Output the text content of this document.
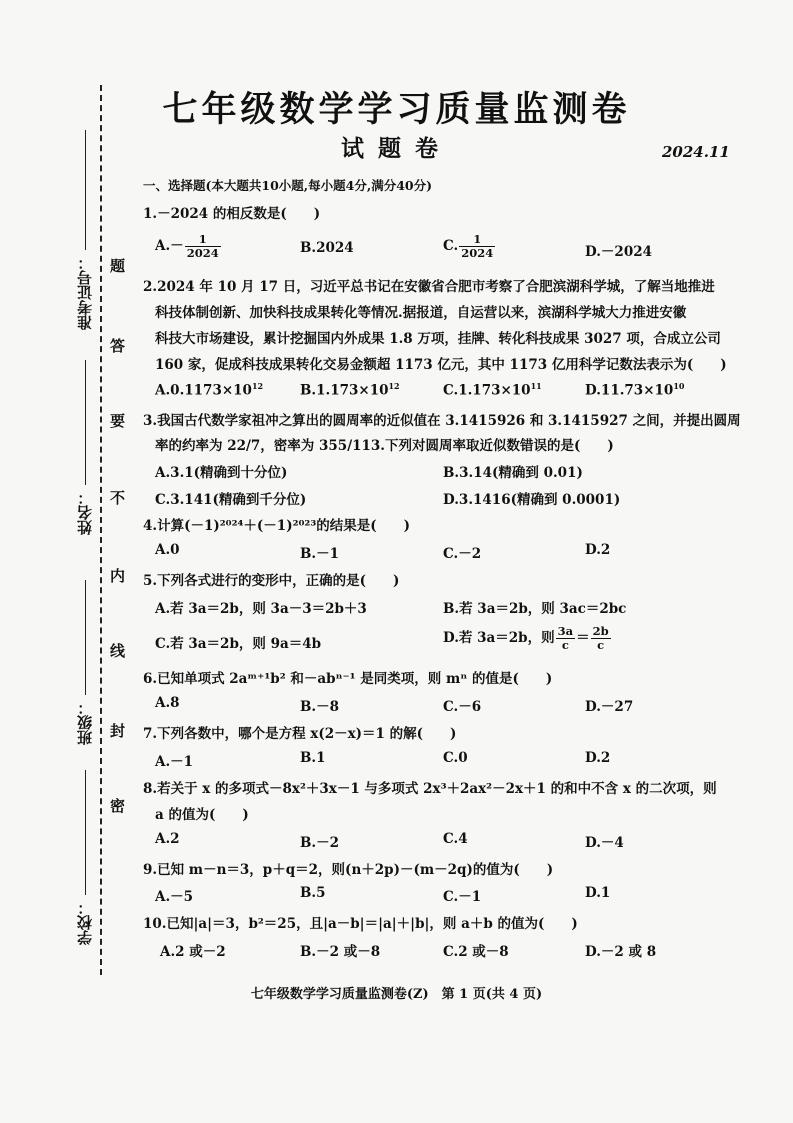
七年级数学学习质量监测卷
试题卷	2024.11
准考证号：
姓名：
班级：
学校：
题
答
要
不
内
线
封
密
一、选择题(本大题共10小题,每小题4分,满分40分)
1.－2024 的相反数是(　　)
$A.- \frac{1}{2024}$	B.2024	C. $\frac{1}{2024}$	D.－2024
2.2024 年 10 月 17 日，习近平总书记在安徽省合肥市考察了合肥滨湖科学城，了解当地推进
科技体制创新、加快科技成果转化等情况.据报道，自运营以来，滨湖科学城大力推进安徽
科技大市场建设，累计挖掘国内外成果 1.8 万项，挂牌、转化科技成果 3027 项，合成立公司
160 家，促成科技成果转化交易金额超 1173 亿元，其中 1173 亿用科学记数法表示为(　　)
$A.0.1173\times 10^{12}$	$B.1.173\times 10^{12}$	$C.1.173\times 10^{11}$	$D.11.73\times 10^{10}$
3.我国古代数学家祖冲之算出的圆周率的近似值在 3.1415926 和 3.1415927 之间，并提出圆周
率的约率为 22/7，密率为 355/113.下列对圆周率取近似数错误的是(　　)
A.3.1(精确到十分位)	B.3.14(精确到 0.01)
C.3.141(精确到千分位)	D.3.1416(精确到 0.0001)
4.计算(－1)²⁰²⁴＋(－1)²⁰²³的结果是(　　)
A.0	B.－1	C.－2	D.2
5.下列各式进行的变形中，正确的是(　　)
A.若 3a＝2b，则 3a－3＝2b＋3	B.若 3a＝2b，则 3ac＝2bc
C.若 3a＝2b，则 9a＝4b	D.若 3a＝2b，则 $\frac{3a}{c} = \frac{2b}{c}$
6.已知单项式 2aᵐ⁺¹b² 和－abⁿ⁻¹ 是同类项，则 mⁿ 的值是(　　)
A.8	B.－8	C.－6	D.－27
7.下列各数中，哪个是方程 x(2－x)＝1 的解(　　)
A.－1	B.1	C.0	D.2
8.若关于 x 的多项式－8x²＋3x－1 与多项式 2x³＋2ax²－2x＋1 的和中不含 x 的二次项，则
a 的值为(　　)
A.2	B.－2	C.4	D.－4
9.已知 m－n＝3，p＋q＝2，则(n＋2p)－(m－2q)的值为(　　)
A.－5	B.5	C.－1	D.1
10.已知|a|＝3，b²＝25，且|a－b|＝|a|＋|b|，则 a＋b 的值为(　　)
A.2 或－2	B.－2 或－8	C.2 或－8	D.－2 或 8
七年级数学学习质量监测卷(Z)　第 1 页(共 4 页)
